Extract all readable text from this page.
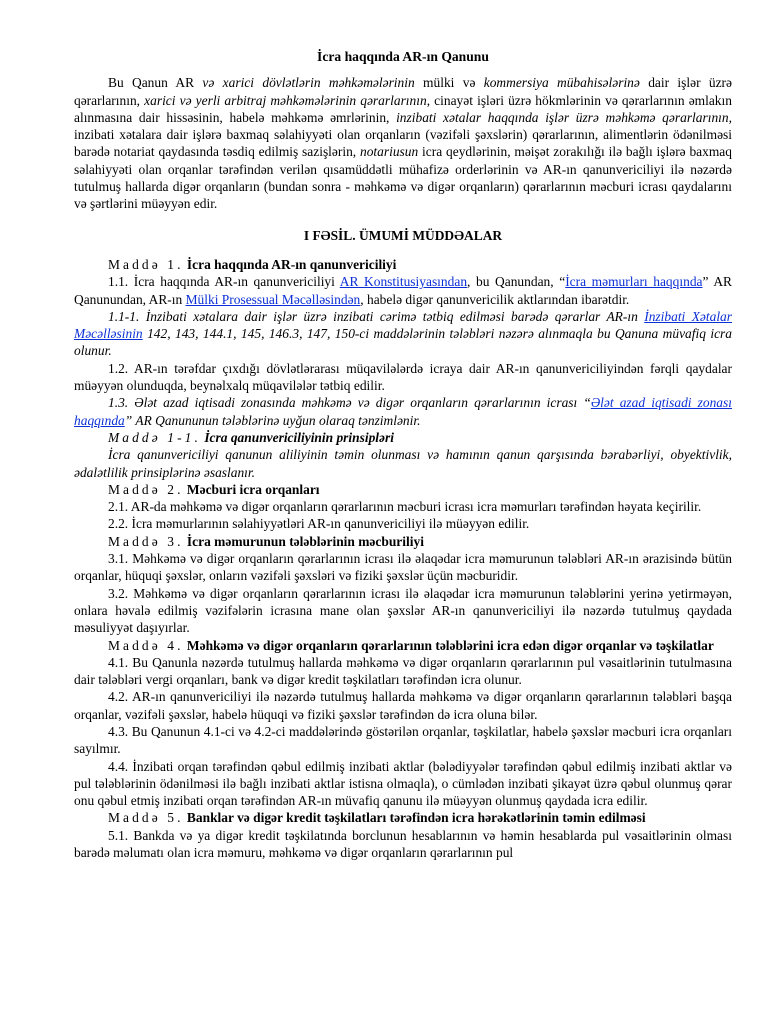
İcra haqqında AR-ın Qanunu

Bu Qanun AR və xarici dövlətlərin məhkəmələrinin mülki və kommersiya mübahisələrinə dair işlər üzrə qərarlarının, xarici və yerli arbitraj məhkəmələrinin qərarlarının, cinayət işləri üzrə hökmlərinin və qərarlarının əmlakın alınmasına dair hissəsinin, habelə məhkəmə əmrlərinin, inzibati xətalar haqqında işlər üzrə məhkəmə qərarlarının, inzibati xətalara dair işlərə baxmaq səlahiyyəti olan orqanların (vəzifəli şəxslərin) qərarlarının, alimentlərin ödənilməsi barədə notariat qaydasında təsdiq edilmiş sazişlərin, notariusun icra qeydlərinin, məişət zorakılığı ilə bağlı işlərə baxmaq səlahiyyəti olan orqanlar tərəfindən verilən qısamüddətli mühafizə orderlərinin və AR-ın qanunvericiliyi ilə nəzərdə tutulmuş hallarda digər orqanların (bundan sonra - məhkəmə və digər orqanların) qərarlarının məcburi icrası qaydalarını və şərtlərini müəyyən edir.

I FƏSİL. ÜMUMİ MÜDDƏALAR
Maddə 1. İcra haqqında AR-ın qanunvericiliyi

1.1. İcra haqqında AR-ın qanunvericiliyi AR Konstitusiyasından, bu Qanundan, “İcra məmurları haqqında” AR Qanunundan, AR-ın Mülki Prosessual Məcəlləsindən, habelə digər qanunvericilik aktlarından ibarətdir.

1.1-1. İnzibati xətalara dair işlər üzrə inzibati cərimə tətbiq edilməsi barədə qərarlar AR-ın İnzibati Xətalar Məcəlləsinin 142, 143, 144.1, 145, 146.3, 147, 150-ci maddələrinin tələbləri nəzərə alınmaqla bu Qanuna müvafiq icra olunur.

1.2. AR-ın tərəfdar çıxdığı dövlətlərarası müqavilələrdə icraya dair AR-ın qanunvericiliyindən fərqli qaydalar müəyyən olunduqda, beynəlxalq müqavilələr tətbiq edilir.

1.3. Ələt azad iqtisadi zonasında məhkəmə və digər orqanların qərarlarının icrası “Ələt azad iqtisadi zonası haqqında” AR Qanununun tələblərinə uyğun olaraq tənzimlənir.

Maddə 1-1. İcra qanunvericiliyinin prinsipləri

İcra qanunvericiliyi qanunun aliliyinin təmin olunması və hamının qanun qarşısında bərabərliyi, obyektivlik, ədalətlilik prinsiplərinə əsaslanır.

Maddə 2. Məcburi icra orqanları

2.1. AR-da məhkəmə və digər orqanların qərarlarının məcburi icrası icra məmurları tərəfindən həyata keçirilir.

2.2. İcra məmurlarının səlahiyyətləri AR-ın qanunvericiliyi ilə müəyyən edilir.

Maddə 3. İcra məmurunun tələblərinin məcburiliyi

3.1. Məhkəmə və digər orqanların qərarlarının icrası ilə əlaqədar icra məmurunun tələbləri AR-ın ərazisində bütün orqanlar, hüquqi şəxslər, onların vəzifəli şəxsləri və fiziki şəxslər üçün məcburidir.

3.2. Məhkəmə və digər orqanların qərarlarının icrası ilə əlaqədar icra məmurunun tələblərini yerinə yetirməyən, onlara həvalə edilmiş vəzifələrin icrasına mane olan şəxslər AR-ın qanunvericiliyi ilə nəzərdə tutulmuş qaydada məsuliyyət daşıyırlar.

Maddə 4. Məhkəmə və digər orqanların qərarlarının tələblərini icra edən digər orqanlar və təşkilatlar

4.1. Bu Qanunla nəzərdə tutulmuş hallarda məhkəmə və digər orqanların qərarlarının pul vəsaitlərinin tutulmasına dair tələbləri vergi orqanları, bank və digər kredit təşkilatları tərəfindən icra olunur.

4.2. AR-ın qanunvericiliyi ilə nəzərdə tutulmuş hallarda məhkəmə və digər orqanların qərarlarının tələbləri başqa orqanlar, vəzifəli şəxslər, habelə hüquqi və fiziki şəxslər tərəfindən də icra oluna bilər.

4.3. Bu Qanunun 4.1-ci və 4.2-ci maddələrində göstərilən orqanlar, təşkilatlar, habelə şəxslər məcburi icra orqanları sayılmır.

4.4. İnzibati orqan tərəfindən qəbul edilmiş inzibati aktlar (bələdiyyələr tərəfindən qəbul edilmiş inzibati aktlar və pul tələblərinin ödənilməsi ilə bağlı inzibati aktlar istisna olmaqla), o cümlədən inzibati şikayət üzrə qəbul olunmuş qərar onu qəbul etmiş inzibati orqan tərəfindən AR-ın müvafiq qanunu ilə müəyyən olunmuş qaydada icra edilir.

Maddə 5. Banklar və digər kredit təşkilatları tərəfindən icra hərəkətlərinin təmin edilməsi

5.1. Bankda və ya digər kredit təşkilatında borclunun hesablarının və həmin hesablarda pul vəsaitlərinin olması barədə məlumatı olan icra məmuru, məhkəmə və digər orqanların qərarlarının pul
